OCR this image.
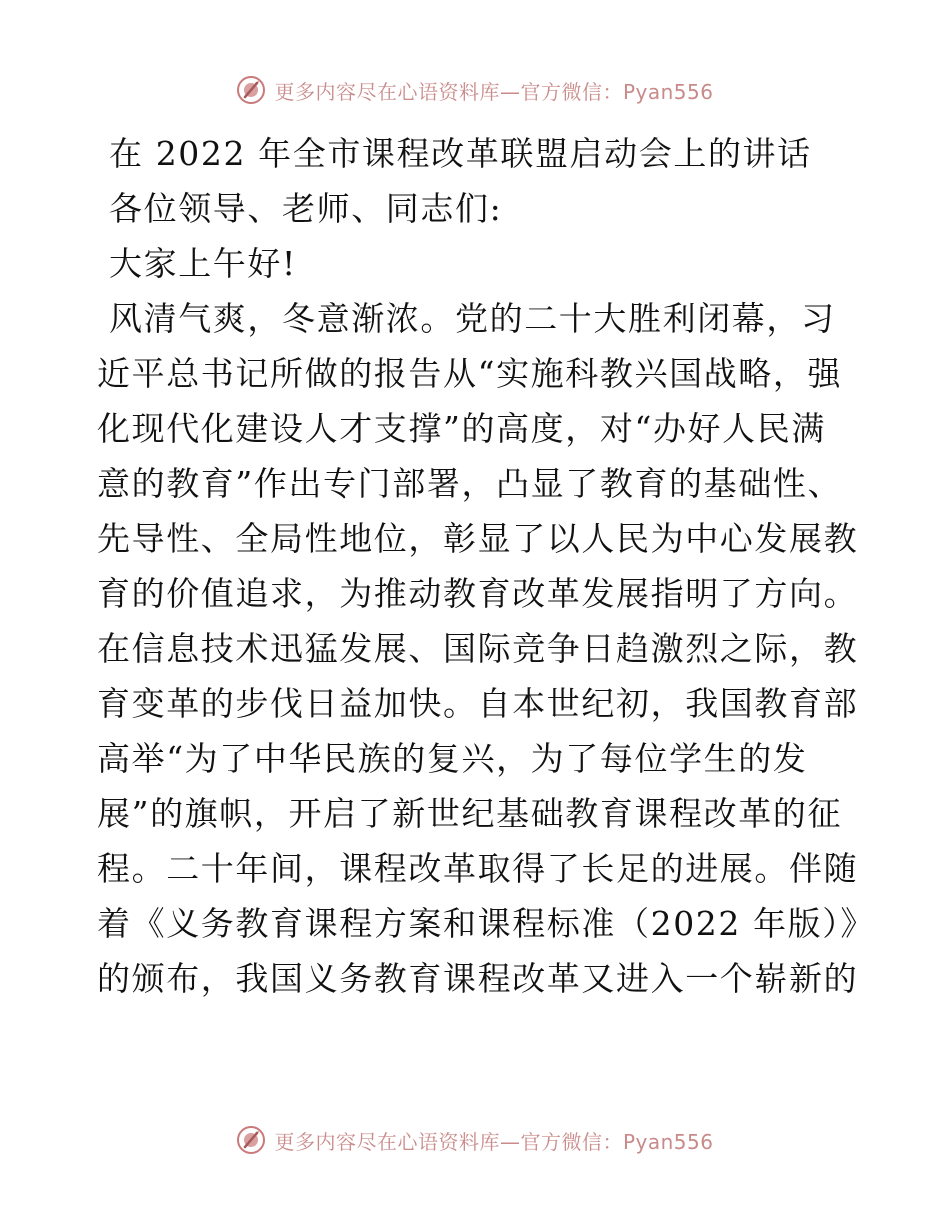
更多内容尽在心语资料库—官方微信：Pyan556
在 2022 年全市课程改革联盟启动会上的讲话
各位领导、老师、同志们:
大家上午好!
风清气爽，冬意渐浓。党的二十大胜利闭幕，习
近平总书记所做的报告从“实施科教兴国战略，强
化现代化建设人才支撑”的高度，对“办好人民满
意的教育”作出专门部署，凸显了教育的基础性、
先导性、全局性地位，彰显了以人民为中心发展教
育的价值追求，为推动教育改革发展指明了方向。
在信息技术迅猛发展、国际竞争日趋激烈之际，教
育变革的步伐日益加快。自本世纪初，我国教育部
高举“为了中华民族的复兴，为了每位学生的发
展”的旗帜，开启了新世纪基础教育课程改革的征
程。二十年间，课程改革取得了长足的进展。伴随
着《义务教育课程方案和课程标准（2022 年版）》
的颁布，我国义务教育课程改革又进入一个崭新的
更多内容尽在心语资料库—官方微信：Pyan556
